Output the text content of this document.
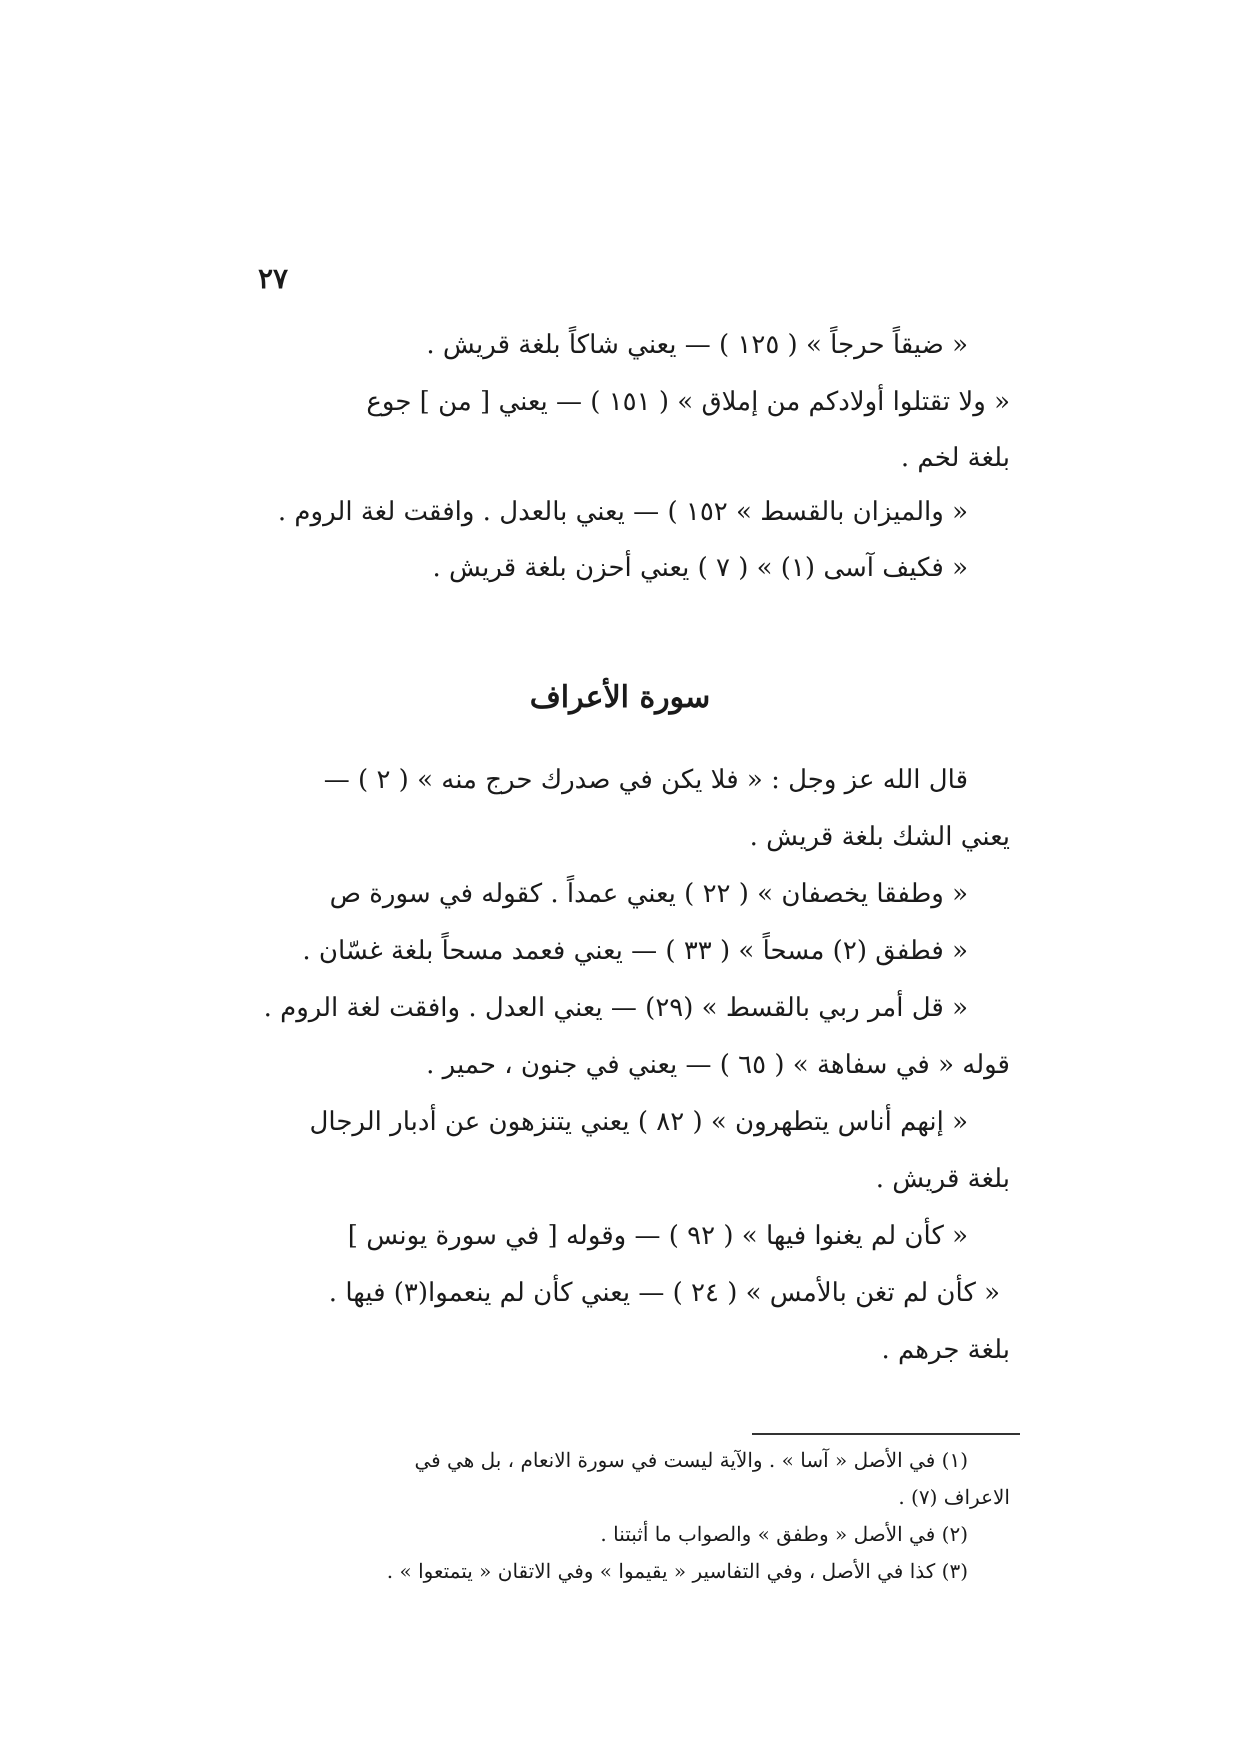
٢٧
« ضيقاً حرجاً » ( ١٢٥ ) — يعني شاكاً بلغة قريش .
« ولا تقتلوا أولادكم من إملاق » ( ١٥١ ) — يعني [ من ] جوع
بلغة لخم .
« والميزان بالقسط » ١٥٢ ) — يعني بالعدل . وافقت لغة الروم .
« فكيف آسى (١) » ( ٧ ) يعني أحزن بلغة قريش .
سورة الأعراف
قال الله عز وجل : « فلا يكن في صدرك حرج منه » ( ٢ ) —
يعني الشك بلغة قريش .
« وطفقا يخصفان » ( ٢٢ ) يعني عمداً . كقوله في سورة ص
« فطفق (٢) مسحاً » ( ٣٣ ) — يعني فعمد مسحاً بلغة غسّان .
« قل أمر ربي بالقسط » (٢٩) — يعني العدل . وافقت لغة الروم .
قوله « في سفاهة » ( ٦٥ ) — يعني في جنون ، حمير .
« إنهم أناس يتطهرون » ( ٨٢ ) يعني يتنزهون عن أدبار الرجال
بلغة قريش .
« كأن لم يغنوا فيها » ( ٩٢ ) — وقوله [ في سورة يونس ]
« كأن لم تغن بالأمس » ( ٢٤ ) — يعني كأن لم ينعموا(٣) فيها .
بلغة جرهم .
(١) في الأصل « آسا » . والآية ليست في سورة الانعام ، بل هي في
الاعراف (٧) .
(٢) في الأصل « وطفق » والصواب ما أثبتنا .
(٣) كذا في الأصل ، وفي التفاسير « يقيموا » وفي الاتقان « يتمتعوا » .
